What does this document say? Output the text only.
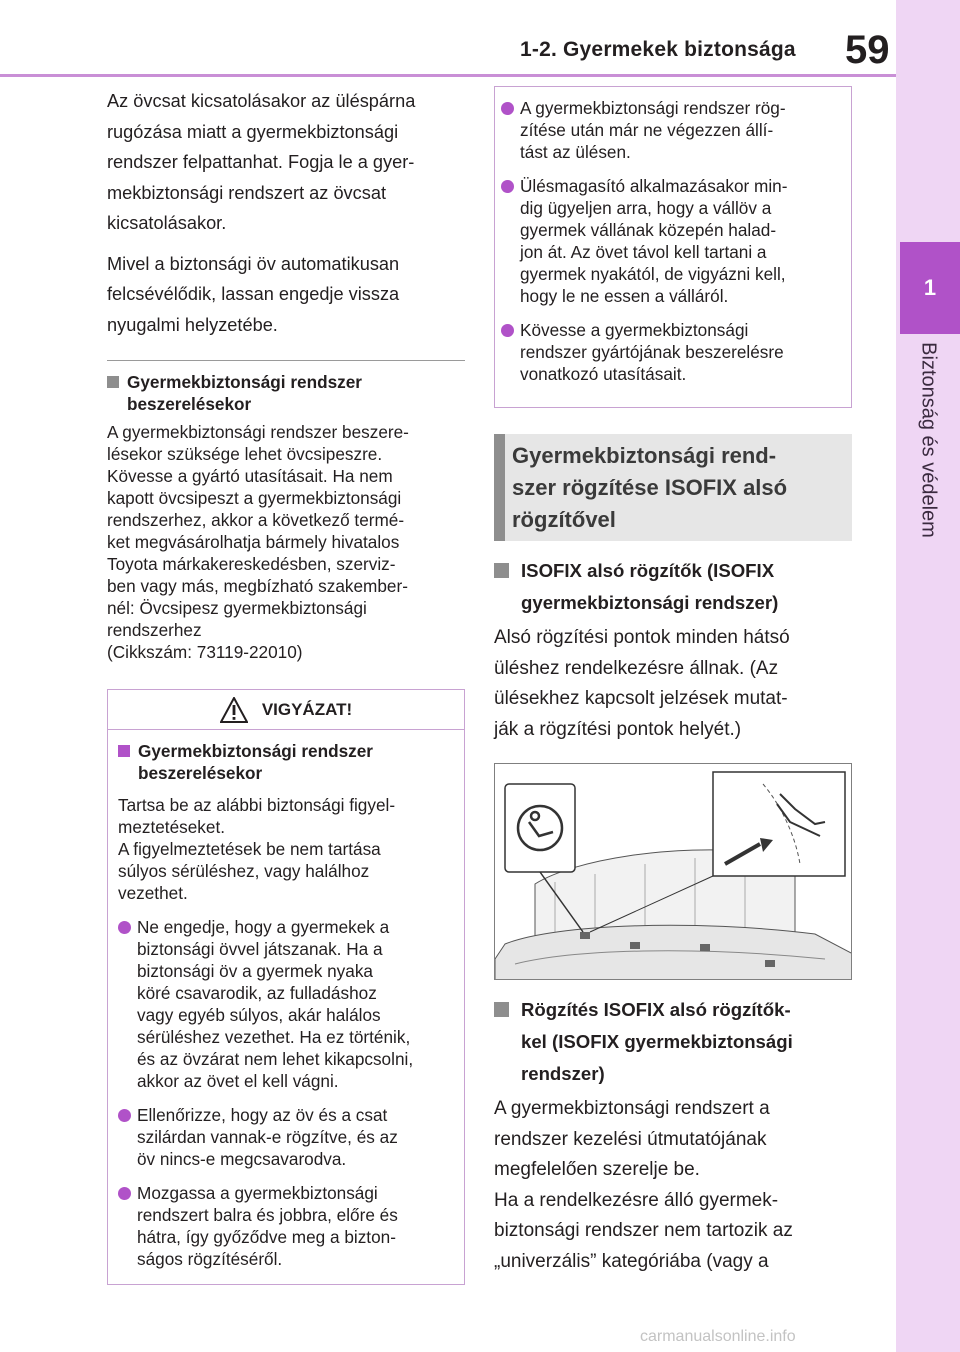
1-2. Gyermekek biztonsága 59
1
Biztonság és védelem
Az övcsat kicsatolásakor az üléspárna
rugózása miatt a gyermekbiztonsági
rendszer felpattanhat. Fogja le a gyer-
mekbiztonsági rendszert az övcsat
kicsatolásakor.
Mivel a biztonsági öv automatikusan
felcsévélődik, lassan engedje vissza
nyugalmi helyzetébe.
Gyermekbiztonsági rendszer
beszerelésekor
A gyermekbiztonsági rendszer beszere-
lésekor szüksége lehet övcsipeszre.
Kövesse a gyártó utasításait. Ha nem
kapott övcsipeszt a gyermekbiztonsági
rendszerhez, akkor a következő termé-
ket megvásárolhatja bármely hivatalos
Toyota márkakereskedésben, szerviz-
ben vagy más, megbízható szakember-
nél: Övcsipesz gyermekbiztonsági
rendszerhez
(Cikkszám: 73119-22010)
VIGYÁZAT!
Gyermekbiztonsági rendszer
beszerelésekor
Tartsa be az alábbi biztonsági figyel-
meztetéseket.
A figyelmeztetések be nem tartása
súlyos sérüléshez, vagy halálhoz
vezethet.
Ne engedje, hogy a gyermekek a
biztonsági övvel játszanak. Ha a
biztonsági öv a gyermek nyaka
köré csavarodik, az fulladáshoz
vagy egyéb súlyos, akár halálos
sérüléshez vezethet. Ha ez történik,
és az övzárat nem lehet kikapcsolni,
akkor az övet el kell vágni.
Ellenőrizze, hogy az öv és a csat
szilárdan vannak-e rögzítve, és az
öv nincs-e megcsavarodva.
Mozgassa a gyermekbiztonsági
rendszert balra és jobbra, előre és
hátra, így győződve meg a bizton-
ságos rögzítéséről.
A gyermekbiztonsági rendszer rög-
zítése után már ne végezzen állí-
tást az ülésen.
Ülésmagasító alkalmazásakor min-
dig ügyeljen arra, hogy a vállöv a
gyermek vállának közepén halad-
jon át. Az övet távol kell tartani a
gyermek nyakától, de vigyázni kell,
hogy le ne essen a válláról.
Kövesse a gyermekbiztonsági
rendszer gyártójának beszerelésre
vonatkozó utasításait.
Gyermekbiztonsági rend-
szer rögzítése ISOFIX alsó
rögzítővel
ISOFIX alsó rögzítők (ISOFIX
gyermekbiztonsági rendszer)
Alsó rögzítési pontok minden hátsó
üléshez rendelkezésre állnak. (Az
ülésekhez kapcsolt jelzések mutat-
ják a rögzítési pontok helyét.)
Rögzítés ISOFIX alsó rögzítők-
kel (ISOFIX gyermekbiztonsági
rendszer)
A gyermekbiztonsági rendszert a
rendszer kezelési útmutatójának
megfelelően szerelje be.
Ha a rendelkezésre álló gyermek-
biztonsági rendszer nem tartozik az
„univerzális” kategóriába (vagy a
carmanualsonline.info
